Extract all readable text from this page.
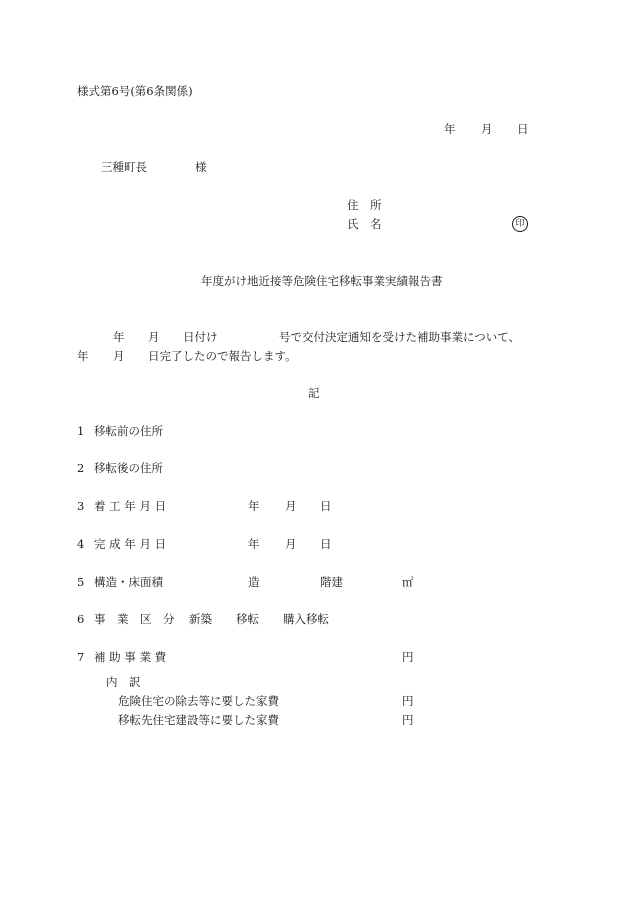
様式第6号(第6条関係)
年 月 日
三種町長	様
住　所
氏　名	印
年度がけ地近接等危険住宅移転事業実績報告書
年 月 日付け	号で交付決定通知を受けた補助事業について、
年 月 日完了したので報告します。
記
1 移転前の住所
2 移転後の住所
3 着 工 年 月 日	年 月 日
4 完 成 年 月 日	年 月 日
5 構造・床面積	造	階建	㎡
6 事　業　区　分 新築 移転 購入移転
7 補 助 事 業 費	円
内　訳
危険住宅の除去等に要した家費	円
移転先住宅建設等に要した家費	円
